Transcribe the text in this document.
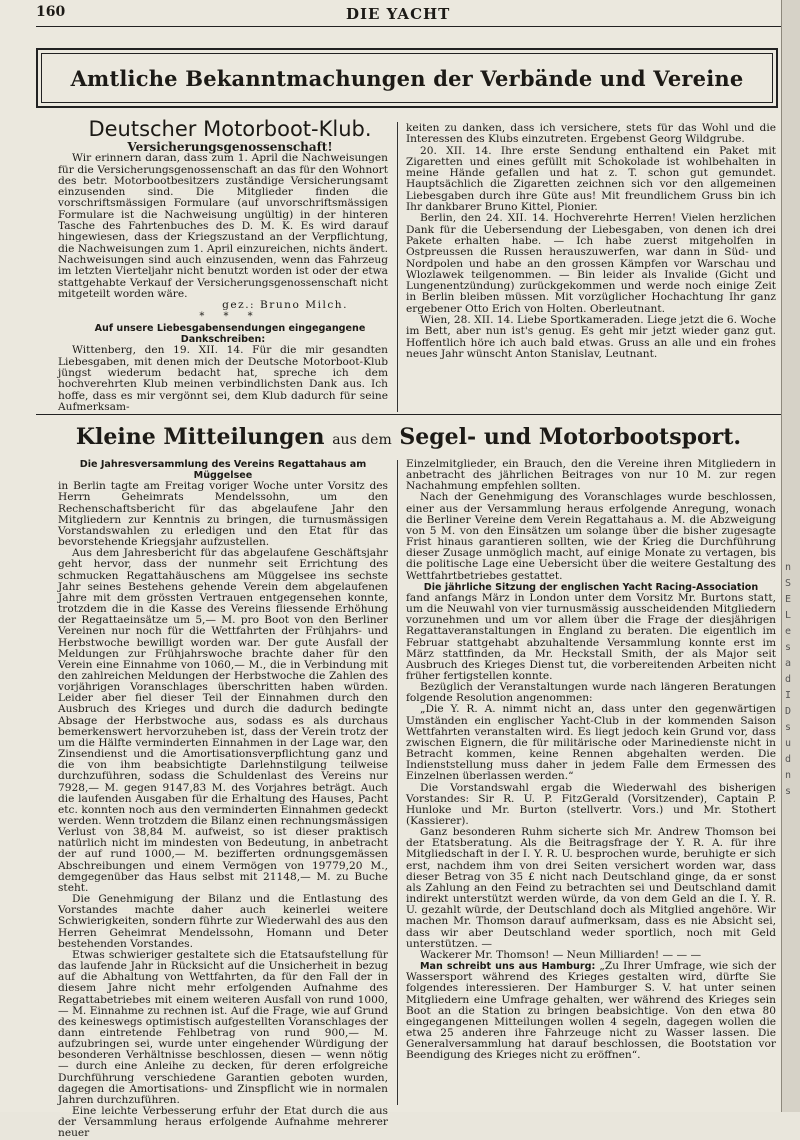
160	DIE YACHT
Amtliche Bekanntmachungen der Verbände und Vereine

Deutscher Motorboot-Klub.

Versicherungsgenossenschaft!

Wir erinnern daran, dass zum 1. April die Nachweisungen für die Versicherungsgenossenschaft an das für den Wohnort des betr. Motorbootbesitzers zuständige Versicherungsamt einzusenden sind. Die Mitglieder finden die vorschriftsmässigen Formulare (auf unvorschriftsmässigen Formulare ist die Nachweisung ungültig) in der hinteren Tasche des Fahrtenbuches des D. M. K. Es wird darauf hingewiesen, dass der Kriegszustand an der Verpflichtung, die Nachweisungen zum 1. April einzureichen, nichts ändert. Nachweisungen sind auch einzusenden, wenn das Fahrzeug im letzten Vierteljahr nicht benutzt worden ist oder der etwa stattgehabte Verkauf der Versicherungsgenossenschaft nicht mitgeteilt worden wäre.

gez.: Bruno Milch.

* * *

Auf unsere Liebesgabensendungen eingegangene Dankschreiben:

Wittenberg, den 19. XII. 14. Für die mir gesandten Liebesgaben, mit denen mich der Deutsche Motorboot-Klub jüngst wiederum bedacht hat, spreche ich dem hochverehrten Klub meinen verbindlichsten Dank aus. Ich hoffe, dass es mir vergönnt sei, dem Klub dadurch für seine Aufmerksam-

keiten zu danken, dass ich versichere, stets für das Wohl und die Interessen des Klubs einzutreten. Ergebenst Georg Wildgrube.

20. XII. 14. Ihre erste Sendung enthaltend ein Paket mit Zigaretten und eines gefüllt mit Schokolade ist wohlbehalten in meine Hände gefallen und hat z. T. schon gut gemundet. Hauptsächlich die Zigaretten zeichnen sich vor den allgemeinen Liebesgaben durch ihre Güte aus! Mit freundlichem Gruss bin ich Ihr dankbarer Bruno Kittel, Pionier.

Berlin, den 24. XII. 14. Hochverehrte Herren! Vielen herzlichen Dank für die Uebersendung der Liebesgaben, von denen ich drei Pakete erhalten habe. — Ich habe zuerst mitgeholfen in Ostpreussen die Russen herauszuwerfen, war dann in Süd- und Nordpolen und habe an den grossen Kämpfen vor Warschau und Wlozlawek teilgenommen. — Bin leider als Invalide (Gicht und Lungenentzündung) zurückgekommen und werde noch einige Zeit in Berlin bleiben müssen. Mit vorzüglicher Hochachtung Ihr ganz ergebener Otto Erich von Holten. Oberleutnant.

Wien, 28. XII. 14. Liebe Sportkameraden. Liege jetzt die 6. Woche im Bett, aber nun ist's genug. Es geht mir jetzt wieder ganz gut. Hoffentlich höre ich auch bald etwas. Gruss an alle und ein frohes neues Jahr wünscht Anton Stanislav, Leutnant.

Kleine Mitteilungen aus dem Segel- und Motorbootsport.

Die Jahresversammlung des Vereins Regattahaus am Müggelsee

in Berlin tagte am Freitag voriger Woche unter Vorsitz des Herrn Geheimrats Mendelssohn, um den Rechenschaftsbericht für das abgelaufene Jahr den Mitgliedern zur Kenntnis zu bringen, die turnusmässigen Vorstandswahlen zu erledigen und den Etat für das bevorstehende Kriegsjahr aufzustellen.

Aus dem Jahresbericht für das abgelaufene Geschäftsjahr geht hervor, dass der nunmehr seit Errichtung des schmucken Regattahäuschens am Müggelsee ins sechste Jahr seines Bestehens gehende Verein dem abgelaufenen Jahre mit dem grössten Vertrauen entgegensehen konnte, trotzdem die in die Kasse des Vereins fliessende Erhöhung der Regattaeinsätze um 5,— M. pro Boot von den Berliner Vereinen nur noch für die Wettfahrten der Frühjahrs- und Herbstwoche bewilligt worden war. Der gute Ausfall der Meldungen zur Frühjahrswoche brachte daher für den Verein eine Einnahme von 1060,— M., die in Verbindung mit den zahlreichen Meldungen der Herbstwoche die Zahlen des vorjährigen Voranschlages überschritten haben würden. Leider aber fiel dieser Teil der Einnahmen durch den Ausbruch des Krieges und durch die dadurch bedingte Absage der Herbstwoche aus, sodass es als durchaus bemerkenswert hervorzuheben ist, dass der Verein trotz der um die Hälfte verminderten Einnahmen in der Lage war, den Zinsendienst und die Amortisationsverpflichtung ganz und die von ihm beabsichtigte Darlehnstilgung teilweise durchzuführen, sodass die Schuldenlast des Vereins nur 7928,— M. gegen 9147,83 M. des Vorjahres beträgt. Auch die laufenden Ausgaben für die Erhaltung des Hauses, Pacht etc. konnten noch aus den verminderten Einnahmen gedeckt werden. Wenn trotzdem die Bilanz einen rechnungsmässigen Verlust von 38,84 M. aufweist, so ist dieser praktisch natürlich nicht im mindesten von Bedeutung, in anbetracht der auf rund 1000,— M. bezifferten ordnungsgemässen Abschreibungen und einem Vermögen von 19779,20 M., demgegenüber das Haus selbst mit 21148,— M. zu Buche steht.

Die Genehmigung der Bilanz und die Entlastung des Vorstandes machte daher auch keinerlei weitere Schwierigkeiten, sondern führte zur Wiederwahl des aus den Herren Geheimrat Mendelssohn, Homann und Deter bestehenden Vorstandes.

Etwas schwieriger gestaltete sich die Etatsaufstellung für das laufende Jahr in Rücksicht auf die Unsicherheit in bezug auf die Abhaltung von Wettfahrten, da für den Fall der in diesem Jahre nicht mehr erfolgenden Aufnahme des Regattabetriebes mit einem weiteren Ausfall von rund 1000,— M. Einnahme zu rechnen ist. Auf die Frage, wie auf Grund des keineswegs optimistisch aufgestellten Voranschlages der dann eintretende Fehlbetrag von rund 900,— M. aufzubringen sei, wurde unter eingehender Würdigung der besonderen Verhältnisse beschlossen, diesen — wenn nötig — durch eine Anleihe zu decken, für deren erfolgreiche Durchführung verschiedene Garantien geboten wurden, dagegen die Amortisations- und Zinspflicht wie in normalen Jahren durchzuführen.

Eine leichte Verbesserung erfuhr der Etat durch die aus der Versammlung heraus erfolgende Aufnahme mehrerer neuer

Einzelmitglieder, ein Brauch, den die Vereine ihren Mitgliedern in anbetracht des jährlichen Beitrages von nur 10 M. zur regen Nachahmung empfehlen sollten.

Nach der Genehmigung des Voranschlages wurde beschlossen, einer aus der Versammlung heraus erfolgende Anregung, wonach die Berliner Vereine dem Verein Regattahaus a. M. die Abzweigung von 5 M. von den Einsätzen um solange über die bisher zugesagte Frist hinaus garantieren sollten, wie der Krieg die Durchführung dieser Zusage unmöglich macht, auf einige Monate zu vertagen, bis die politische Lage eine Uebersicht über die weitere Gestaltung des Wettfahrtbetriebes gestattet.

Die jährliche Sitzung der englischen Yacht Racing-Association

fand anfangs März in London unter dem Vorsitz Mr. Burtons statt, um die Neuwahl von vier turnusmässig ausscheidenden Mitgliedern vorzunehmen und um vor allem über die Frage der diesjährigen Regattaveranstaltungen in England zu beraten. Die eigentlich im Februar stattgehabt abzuhaltende Versammlung konnte erst im März stattfinden, da Mr. Heckstall Smith, der als Major seit Ausbruch des Krieges Dienst tut, die vorbereitenden Arbeiten nicht früher fertigstellen konnte.

Bezüglich der Veranstaltungen wurde nach längeren Beratungen folgende Resolution angenommen:

„Die Y. R. A. nimmt nicht an, dass unter den gegenwärtigen Umständen ein englischer Yacht-Club in der kommenden Saison Wettfahrten veranstalten wird. Es liegt jedoch kein Grund vor, dass zwischen Eignern, die für militärische oder Marinedienste nicht in Betracht kommen, keine Rennen abgehalten werden. Die Indienststellung muss daher in jedem Falle dem Ermessen des Einzelnen überlassen werden.“

Die Vorstandswahl ergab die Wiederwahl des bisherigen Vorstandes: Sir R. U. P. FitzGerald (Vorsitzender), Captain P. Hunloke und Mr. Burton (stellvertr. Vors.) und Mr. Stothert (Kassierer).

Ganz besonderen Ruhm sicherte sich Mr. Andrew Thomson bei der Etatsberatung. Als die Beitragsfrage der Y. R. A. für ihre Mitgliedschaft in der I. Y. R. U. besprochen wurde, beruhigte er sich erst, nachdem ihm von drei Seiten versichert worden war, dass dieser Betrag von 35 £ nicht nach Deutschland ginge, da er sonst als Zahlung an den Feind zu betrachten sei und Deutschland damit indirekt unterstützt werden würde, da von dem Geld an die I. Y. R. U. gezahlt würde, der Deutschland doch als Mitglied angehöre. Wir machen Mr. Thomson darauf aufmerksam, dass es nie Absicht sei, dass wir aber Deutschland weder sportlich, noch mit Geld unterstützen. —

Wackerer Mr. Thomson! — Neun Milliarden! — — —

Man schreibt uns aus Hamburg: „Zu Ihrer Umfrage, wie sich der Wassersport während des Krieges gestalten wird, dürfte Sie folgendes interessieren. Der Hamburger S. V. hat unter seinen Mitgliedern eine Umfrage gehalten, wer während des Krieges sein Boot an die Station zu bringen beabsichtige. Von den etwa 80 eingegangenen Mitteilungen wollen 4 segeln, dagegen wollen die etwa 25 anderen ihre Fahrzeuge nicht zu Wasser lassen. Die Generalversammlung hat darauf beschlossen, die Bootstation vor Beendigung des Krieges nicht zu eröffnen“.

n
S
E
L
e
s
a
d
I
D
s
u
d
n
s
